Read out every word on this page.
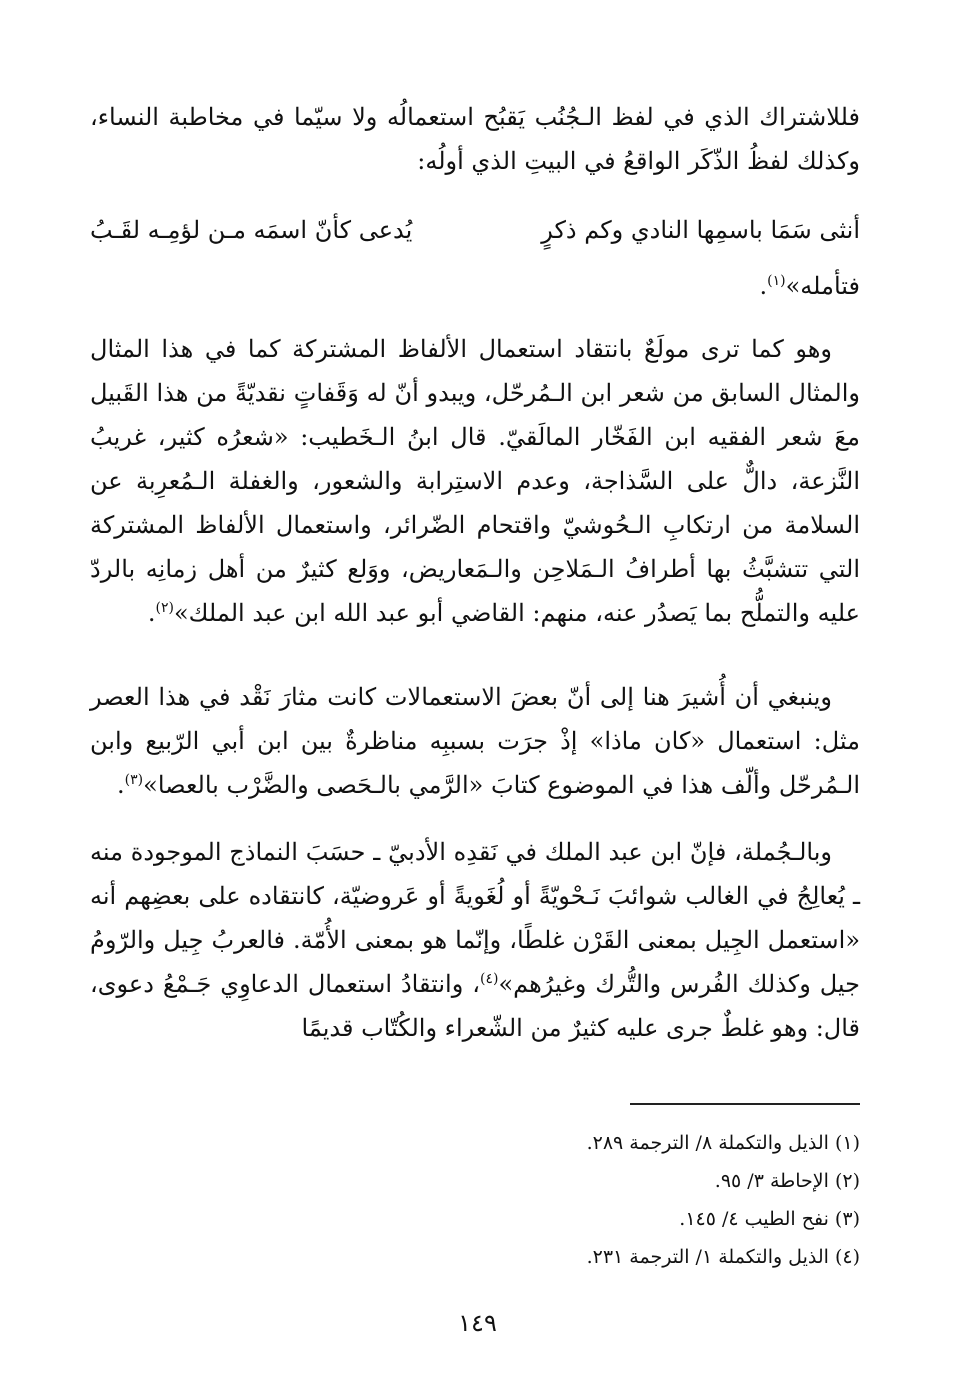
فللاشتراك الذي في لفظ الـجُنُب يَقبُح استعمالُه ولا سيّما في مخاطبة النساء، وكذلك لفظُ الذّكَر الواقعُ في البيتِ الذي أولُه:

أنثى سَمَا باسمِها النادي وكم ذكرٍ
يُدعى كأنّ اسمَه مـن لؤمِـه لقَـبُ
فتأمله»$^{(١)}$.

وهو كما ترى مولَعٌ بانتقاد استعمال الألفاظ المشتركة كما في هذا المثال والمثال السابق من شعر ابن الـمُرحّل، ويبدو أنّ له وَقَفاتٍ نقديّةً من هذا القَبيل معَ شعر الفقيه ابن الفَخّار المالَقيّ. قال ابنُ الـخَطيب: «شعرُه كثير، غريبُ النَّزعة، دالٌّ على السَّذاجة، وعدم الاستِرابة والشعور، والغفلة الـمُعرِبة عن السلامة من ارتكابِ الـحُوشيّ واقتحام الضّرائر، واستعمال الألفاظ المشتركة التي تتشبَّثُ بها أطرافُ الـمَلاحِن والـمَعاريض، ووَلع كثيرٌ من أهل زمانِه بالردّ عليه والتملُّح بما يَصدُر عنه، منهم: القاضي أبو عبد الله ابن عبد الملك»$^{(٢)}$.

وينبغي أن أُشيرَ هنا إلى أنّ بعضَ الاستعمالات كانت مثارَ نَقْد في هذا العصر مثل: استعمال «كان ماذا» إذْ جرَت بسببِه مناظرةٌ بين ابن أبي الرّبيع وابن الـمُرحّل وألّف هذا في الموضوع كتابَ «الرَّمي بالـحَصى والضَّرْب بالعصا»$^{(٣)}$.

وبالـجُملة، فإنّ ابن عبد الملك في نَقدِه الأدبيّ ـ حسَبَ النماذج الموجودة منه ـ يُعالِجُ في الغالب شوائبَ نَـحْويّةً أو لُغَويةً أو عَروضيّة، كانتقاده على بعضِهم أنه «استعمل الجِيل بمعنى القَرْن غلطًا، وإنّما هو بمعنى الأُمّة. فالعربُ جِيل والرّومُ جيل وكذلك الفُرس والتُّرك وغيرُهم»$^{(٤)}$، وانتقادُ استعمال الدعاوِي جَـمْعُ دعوى، قال: وهو غلطٌ جرى عليه كثيرٌ من الشّعراء والكُتّاب قديمًا

(١) الذيل والتكملة ٨/ الترجمة ٢٨٩.
(٢) الإحاطة ٣/ ٩٥.
(٣) نفح الطيب ٤/ ١٤٥.
(٤) الذيل والتكملة ١/ الترجمة ٢٣١.
١٤٩
